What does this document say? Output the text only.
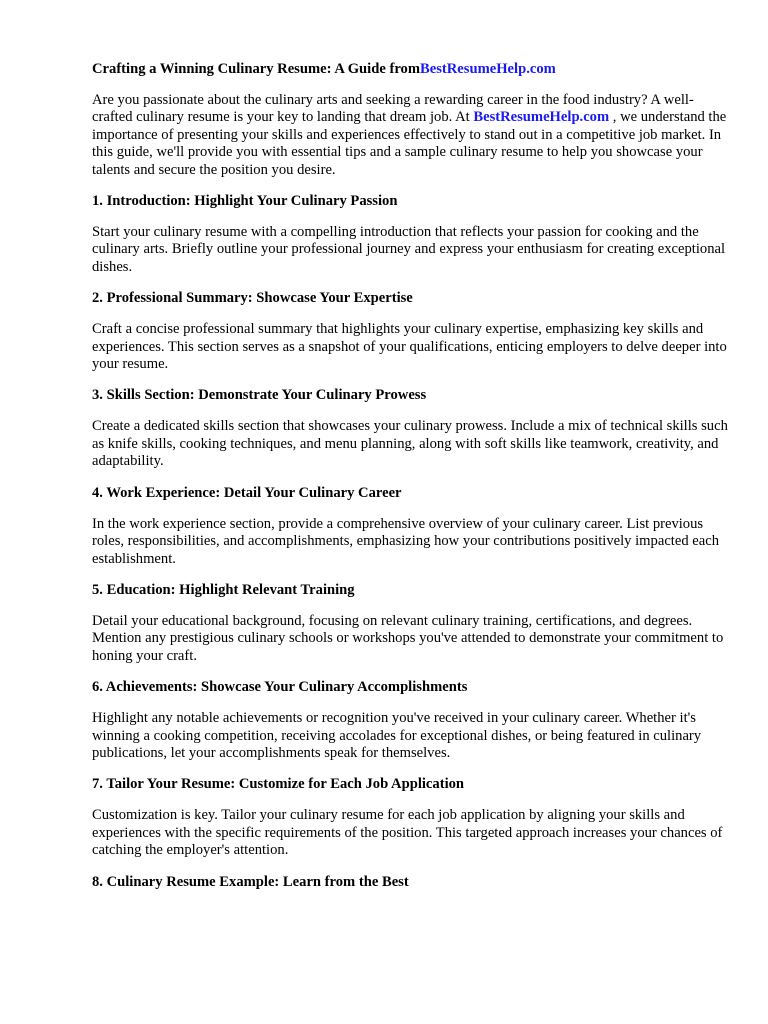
Crafting a Winning Culinary Resume: A Guide fromBestResumeHelp.com

Are you passionate about the culinary arts and seeking a rewarding career in the food industry? A well-crafted culinary resume is your key to landing that dream job. At BestResumeHelp.com , we understand the importance of presenting your skills and experiences effectively to stand out in a competitive job market. In this guide, we'll provide you with essential tips and a sample culinary resume to help you showcase your talents and secure the position you desire.

1. Introduction: Highlight Your Culinary Passion

Start your culinary resume with a compelling introduction that reflects your passion for cooking and the culinary arts. Briefly outline your professional journey and express your enthusiasm for creating exceptional dishes.

2. Professional Summary: Showcase Your Expertise

Craft a concise professional summary that highlights your culinary expertise, emphasizing key skills and experiences. This section serves as a snapshot of your qualifications, enticing employers to delve deeper into your resume.

3. Skills Section: Demonstrate Your Culinary Prowess

Create a dedicated skills section that showcases your culinary prowess. Include a mix of technical skills such as knife skills, cooking techniques, and menu planning, along with soft skills like teamwork, creativity, and adaptability.

4. Work Experience: Detail Your Culinary Career

In the work experience section, provide a comprehensive overview of your culinary career. List previous roles, responsibilities, and accomplishments, emphasizing how your contributions positively impacted each establishment.

5. Education: Highlight Relevant Training

Detail your educational background, focusing on relevant culinary training, certifications, and degrees. Mention any prestigious culinary schools or workshops you've attended to demonstrate your commitment to honing your craft.

6. Achievements: Showcase Your Culinary Accomplishments

Highlight any notable achievements or recognition you've received in your culinary career. Whether it's winning a cooking competition, receiving accolades for exceptional dishes, or being featured in culinary publications, let your accomplishments speak for themselves.

7. Tailor Your Resume: Customize for Each Job Application

Customization is key. Tailor your culinary resume for each job application by aligning your skills and experiences with the specific requirements of the position. This targeted approach increases your chances of catching the employer's attention.

8. Culinary Resume Example: Learn from the Best
